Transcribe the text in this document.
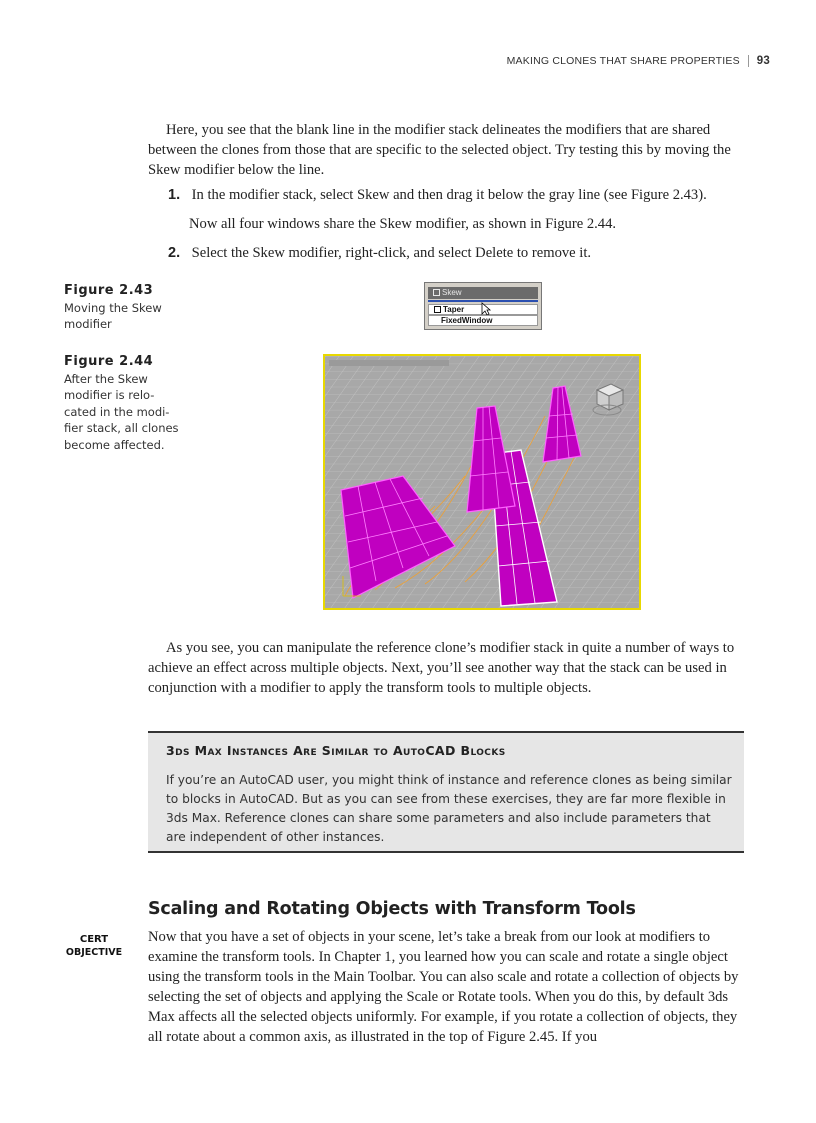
MAKING CLONES THAT SHARE PROPERTIES 93

Here, you see that the blank line in the modifier stack delineates the modifiers that are shared between the clones from those that are specific to the selected object. Try testing this by moving the Skew modifier below the line.

1. In the modifier stack, select Skew and then drag it below the gray line (see Figure 2.43).
Now all four windows share the Skew modifier, as shown in Figure 2.44.
2. Select the Skew modifier, right-click, and select Delete to remove it.
Figure 2.43
Moving the Skew
modifier
Skew
Taper
FixedWindow
Figure 2.44
After the Skew
modifier is relo-
cated in the modi-
fier stack, all clones
become affected.

As you see, you can manipulate the reference clone’s modifier stack in quite a number of ways to achieve an effect across multiple objects. Next, you’ll see another way that the stack can be used in conjunction with a modifier to apply the transform tools to multiple objects.

3ds Max Instances Are Similar to AutoCAD Blocks

If you’re an AutoCAD user, you might think of instance and reference clones as being similar to blocks in AutoCAD. But as you can see from these exercises, they are far more flexible in 3ds Max. Reference clones can share some parameters and also include parameters that are independent of other instances.

Scaling and Rotating Objects with Transform Tools
CERT
OBJECTIVE

Now that you have a set of objects in your scene, let’s take a break from our look at modifiers to examine the transform tools. In Chapter 1, you learned how you can scale and rotate a single object using the transform tools in the Main Toolbar. You can also scale and rotate a collection of objects by selecting the set of objects and applying the Scale or Rotate tools. When you do this, by default 3ds Max affects all the selected objects uniformly. For example, if you rotate a collection of objects, they all rotate about a common axis, as illustrated in the top of Figure 2.45. If you
